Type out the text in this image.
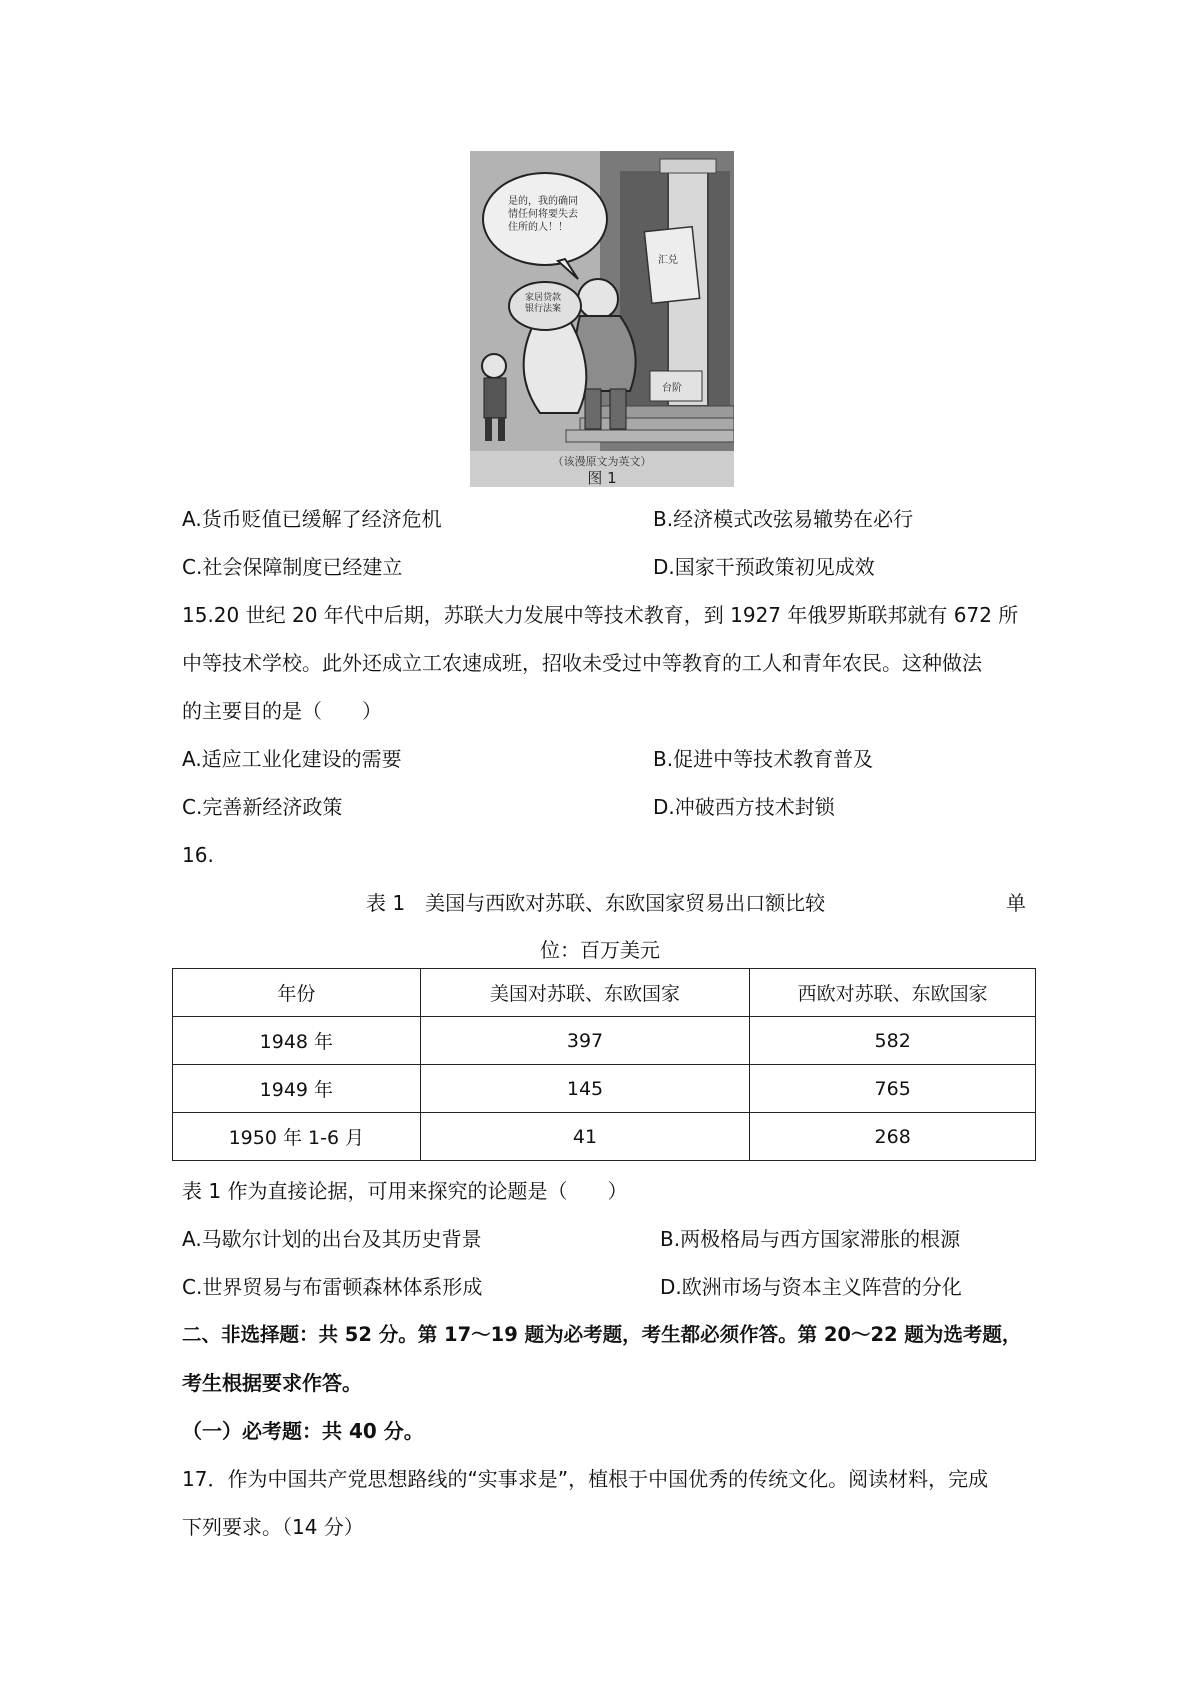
是的，我的确同情任何将要失去住所的人！！
家居贷款银行法案
汇兑
台阶
（该漫原文为英文）
图 1
A.货币贬值已缓解了经济危机	B.经济模式改弦易辙势在必行
C.社会保障制度已经建立	D.国家干预政策初见成效
15.20 世纪 20 年代中后期，苏联大力发展中等技术教育，到 1927 年俄罗斯联邦就有 672 所
中等技术学校。此外还成立工农速成班，招收未受过中等教育的工人和青年农民。这种做法
的主要目的是（　　）
A.适应工业化建设的需要	B.促进中等技术教育普及
C.完善新经济政策	D.冲破西方技术封锁
16.
表 1　美国与西欧对苏联、东欧国家贸易出口额比较	单
位：百万美元
年份	美国对苏联、东欧国家	西欧对苏联、东欧国家
1948 年	397	582
1949 年	145	765
1950 年 1-6 月	41	268
表 1 作为直接论据，可用来探究的论题是（　　）
A.马歇尔计划的出台及其历史背景	B.两极格局与西方国家滞胀的根源
C.世界贸易与布雷顿森林体系形成	D.欧洲市场与资本主义阵营的分化
二、非选择题：共 52 分。第 17～19 题为必考题，考生都必须作答。第 20～22 题为选考题，
考生根据要求作答。
（一）必考题：共 40 分。
17．作为中国共产党思想路线的“实事求是”，植根于中国优秀的传统文化。阅读材料，完成
下列要求。（14 分）
